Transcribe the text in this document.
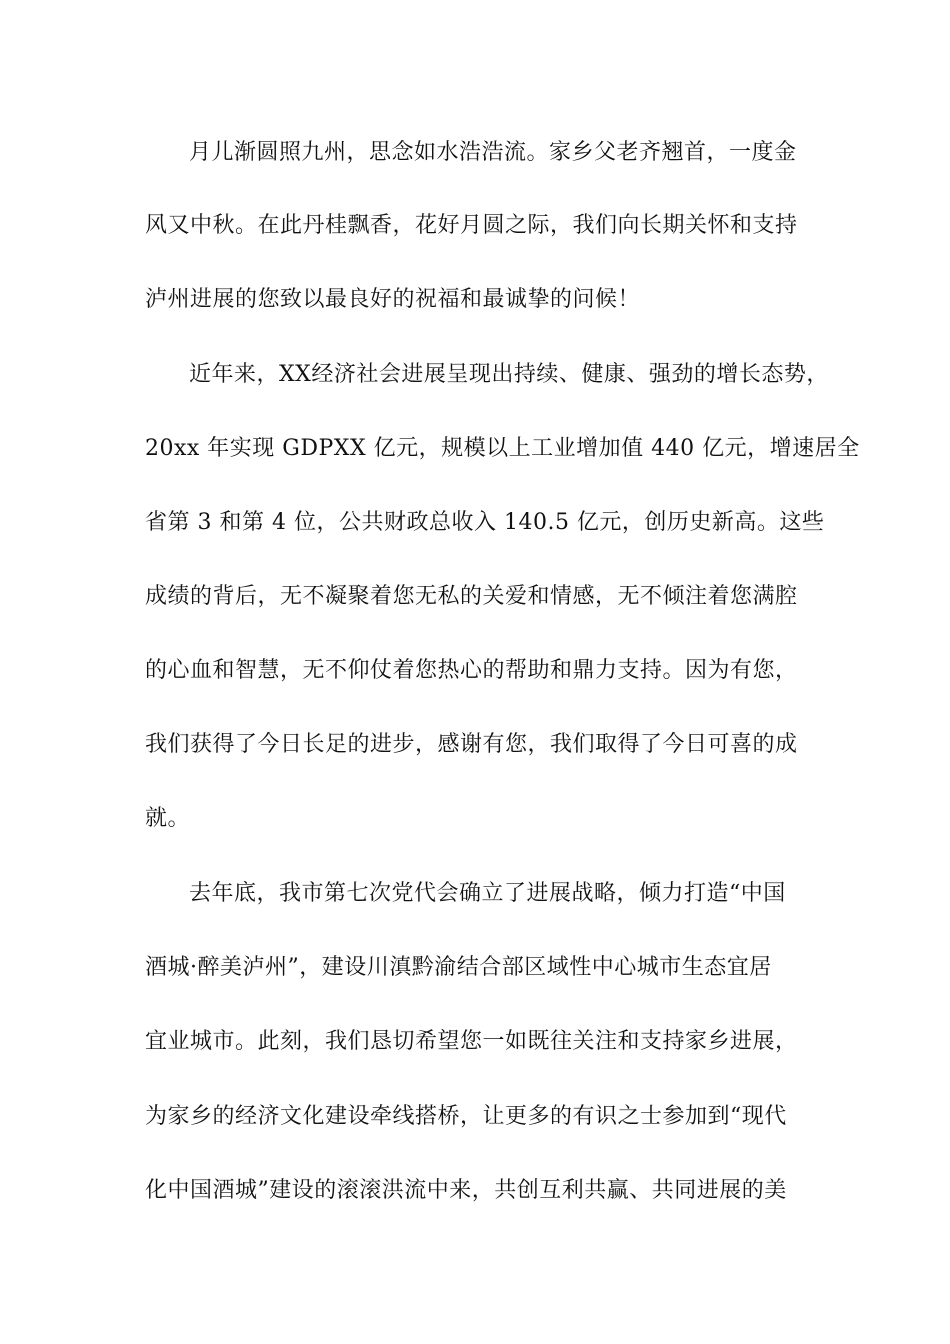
月儿渐圆照九州，思念如水浩浩流。家乡父老齐翘首，一度金
风又中秋。在此丹桂飘香，花好月圆之际，我们向长期关怀和支持
泸州进展的您致以最良好的祝福和最诚挚的问候！
近年来，XX经济社会进展呈现出持续、健康、强劲的增长态势，
20xx 年实现 GDPXX 亿元，规模以上工业增加值 440 亿元，增速居全
省第 3 和第 4 位，公共财政总收入 140.5 亿元，创历史新高。这些
成绩的背后，无不凝聚着您无私的关爱和情感，无不倾注着您满腔
的心血和智慧，无不仰仗着您热心的帮助和鼎力支持。因为有您，
我们获得了今日长足的进步，感谢有您，我们取得了今日可喜的成
就。
去年底，我市第七次党代会确立了进展战略，倾力打造“中国
酒城·醉美泸州”，建设川滇黔渝结合部区域性中心城市生态宜居
宜业城市。此刻，我们恳切希望您一如既往关注和支持家乡进展，
为家乡的经济文化建设牵线搭桥，让更多的有识之士参加到“现代
化中国酒城”建设的滚滚洪流中来，共创互利共赢、共同进展的美
